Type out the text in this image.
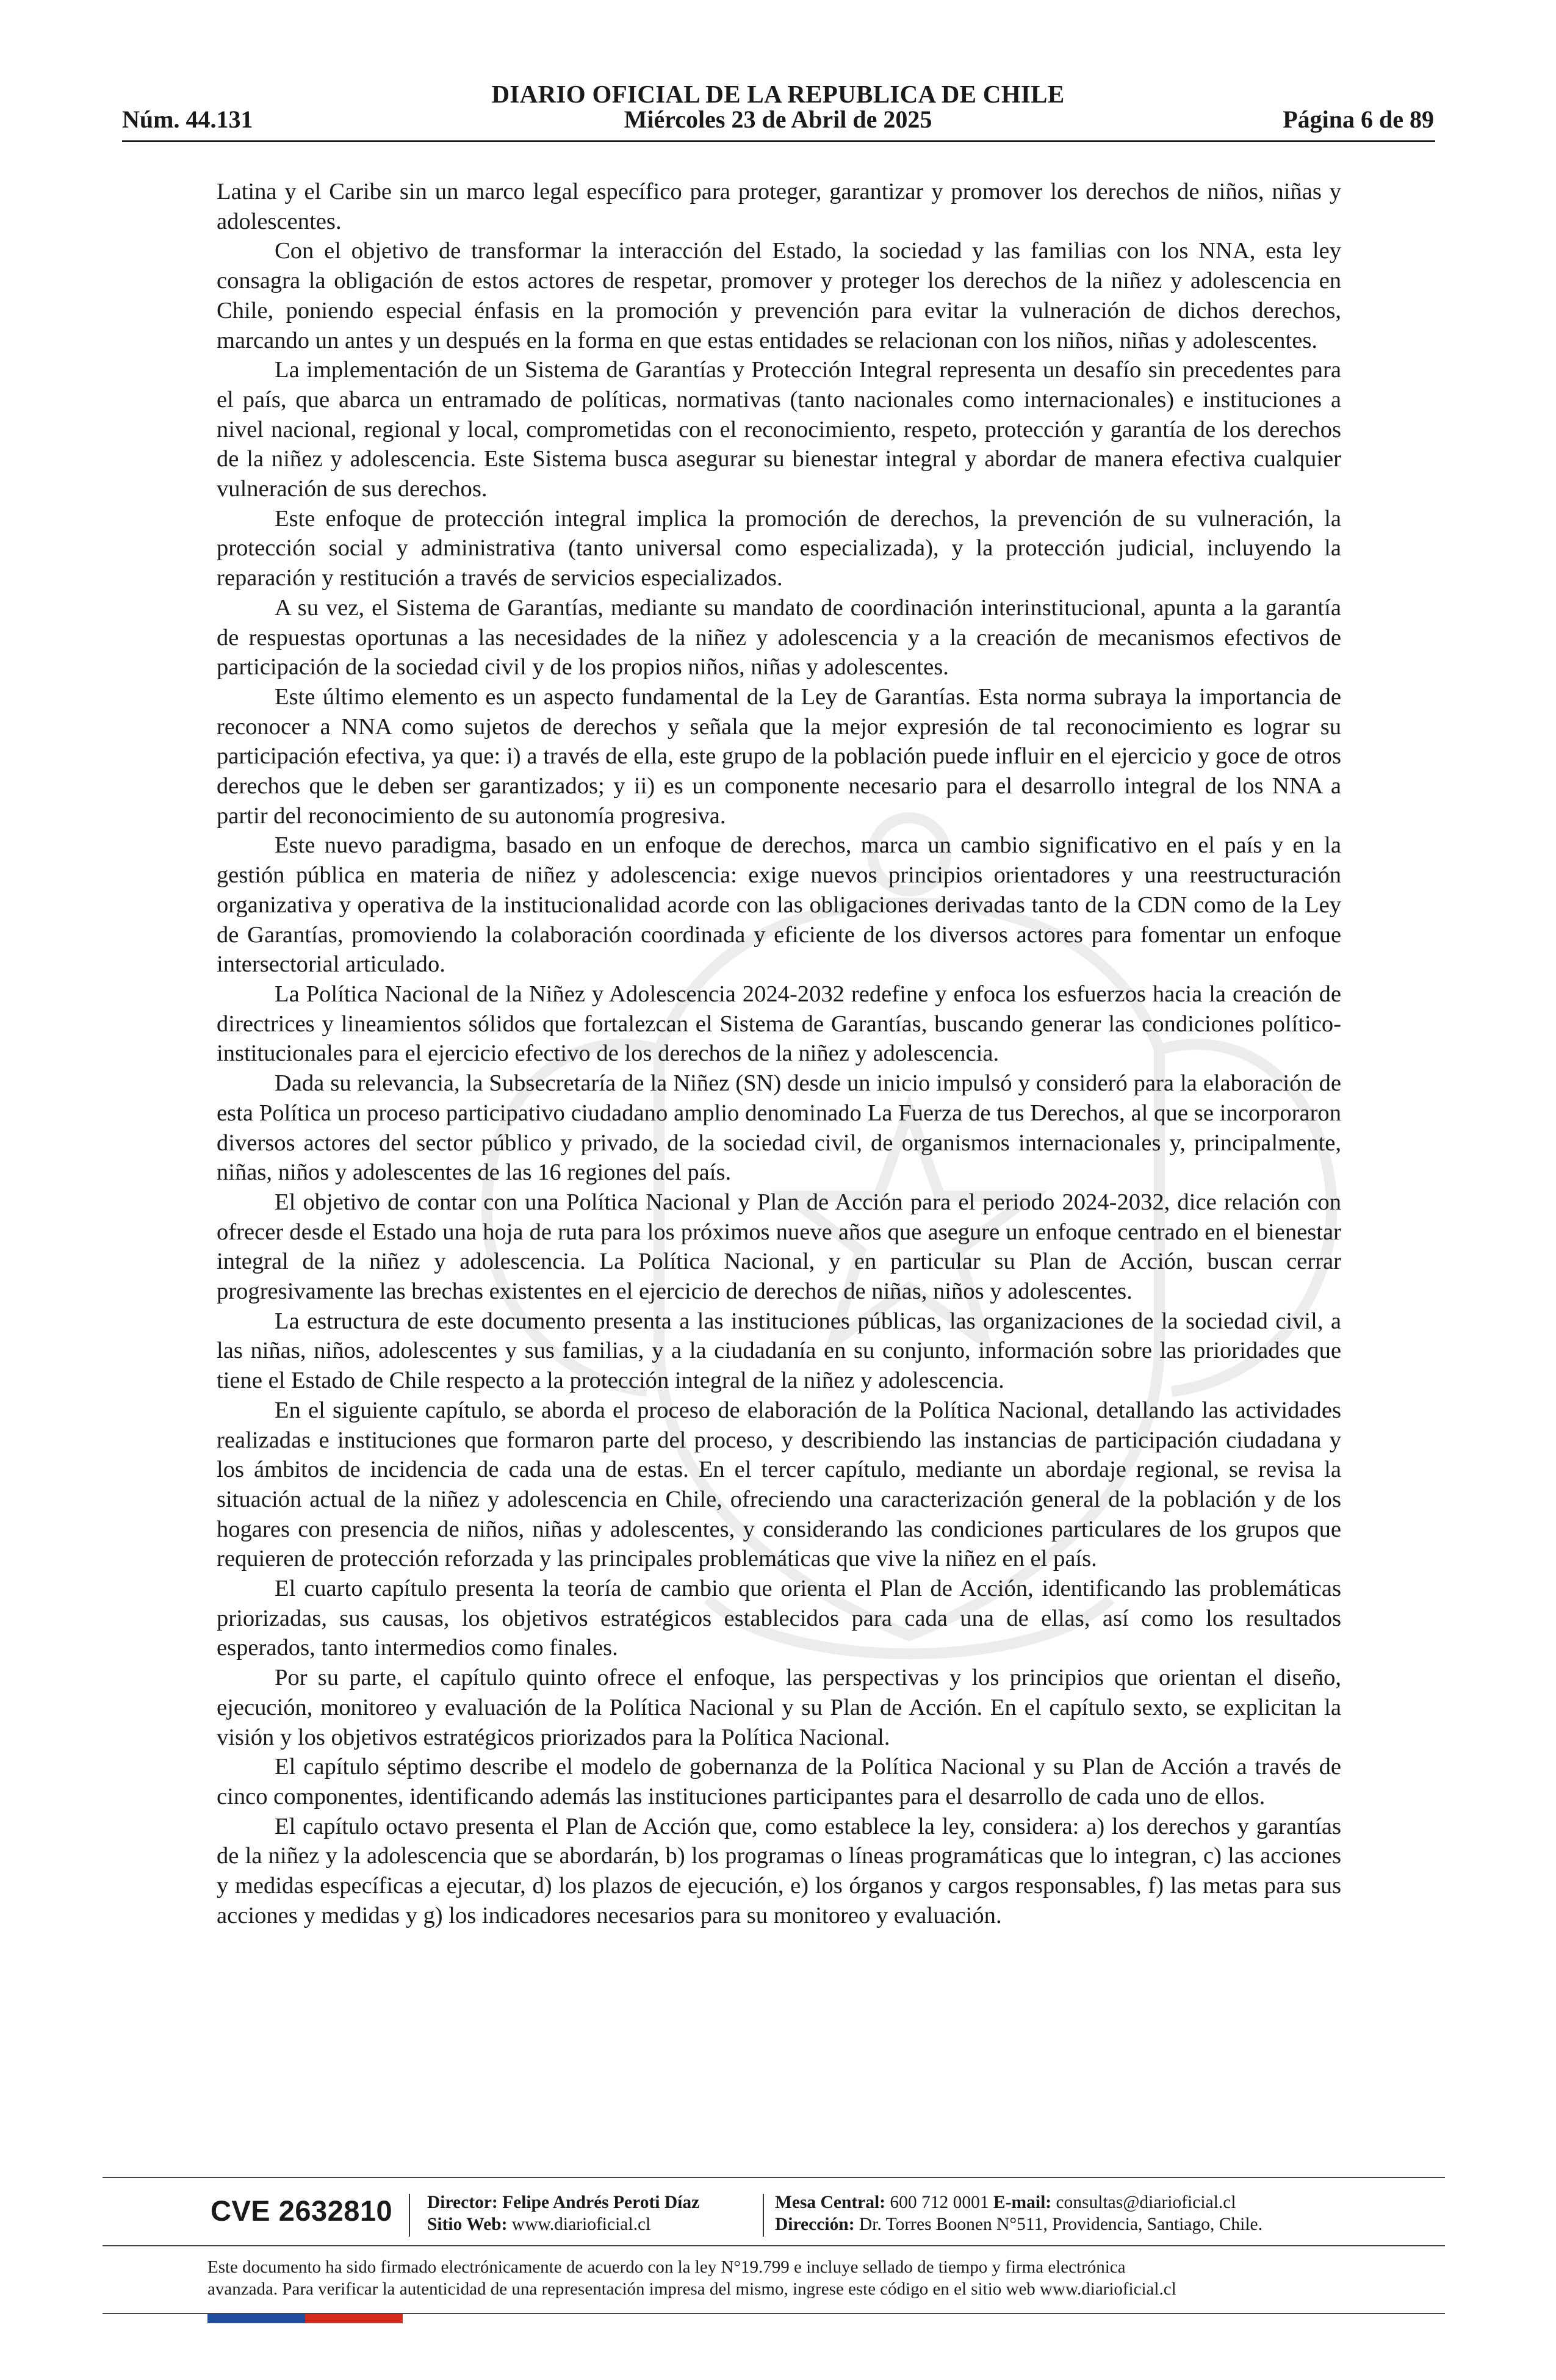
DIARIO OFICIAL DE LA REPUBLICA DE CHILE
Núm. 44.131	Miércoles 23 de Abril de 2025	Página 6 de 89

Latina y el Caribe sin un marco legal específico para proteger, garantizar y promover los derechos de niños, niñas y adolescentes.

Con el objetivo de transformar la interacción del Estado, la sociedad y las familias con los NNA, esta ley consagra la obligación de estos actores de respetar, promover y proteger los derechos de la niñez y adolescencia en Chile, poniendo especial énfasis en la promoción y prevención para evitar la vulneración de dichos derechos, marcando un antes y un después en la forma en que estas entidades se relacionan con los niños, niñas y adolescentes.

La implementación de un Sistema de Garantías y Protección Integral representa un desafío sin precedentes para el país, que abarca un entramado de políticas, normativas (tanto nacionales como internacionales) e instituciones a nivel nacional, regional y local, comprometidas con el reconocimiento, respeto, protección y garantía de los derechos de la niñez y adolescencia. Este Sistema busca asegurar su bienestar integral y abordar de manera efectiva cualquier vulneración de sus derechos.

Este enfoque de protección integral implica la promoción de derechos, la prevención de su vulneración, la protección social y administrativa (tanto universal como especializada), y la protección judicial, incluyendo la reparación y restitución a través de servicios especializados.

A su vez, el Sistema de Garantías, mediante su mandato de coordinación interinstitucional, apunta a la garantía de respuestas oportunas a las necesidades de la niñez y adolescencia y a la creación de mecanismos efectivos de participación de la sociedad civil y de los propios niños, niñas y adolescentes.

Este último elemento es un aspecto fundamental de la Ley de Garantías. Esta norma subraya la importancia de reconocer a NNA como sujetos de derechos y señala que la mejor expresión de tal reconocimiento es lograr su participación efectiva, ya que: i) a través de ella, este grupo de la población puede influir en el ejercicio y goce de otros derechos que le deben ser garantizados; y ii) es un componente necesario para el desarrollo integral de los NNA a partir del reconocimiento de su autonomía progresiva.

Este nuevo paradigma, basado en un enfoque de derechos, marca un cambio significativo en el país y en la gestión pública en materia de niñez y adolescencia: exige nuevos principios orientadores y una reestructuración organizativa y operativa de la institucionalidad acorde con las obligaciones derivadas tanto de la CDN como de la Ley de Garantías, promoviendo la colaboración coordinada y eficiente de los diversos actores para fomentar un enfoque intersectorial articulado.

La Política Nacional de la Niñez y Adolescencia 2024-2032 redefine y enfoca los esfuerzos hacia la creación de directrices y lineamientos sólidos que fortalezcan el Sistema de Garantías, buscando generar las condiciones político-institucionales para el ejercicio efectivo de los derechos de la niñez y adolescencia.

Dada su relevancia, la Subsecretaría de la Niñez (SN) desde un inicio impulsó y consideró para la elaboración de esta Política un proceso participativo ciudadano amplio denominado La Fuerza de tus Derechos, al que se incorporaron diversos actores del sector público y privado, de la sociedad civil, de organismos internacionales y, principalmente, niñas, niños y adolescentes de las 16 regiones del país.

El objetivo de contar con una Política Nacional y Plan de Acción para el periodo 2024-2032, dice relación con ofrecer desde el Estado una hoja de ruta para los próximos nueve años que asegure un enfoque centrado en el bienestar integral de la niñez y adolescencia. La Política Nacional, y en particular su Plan de Acción, buscan cerrar progresivamente las brechas existentes en el ejercicio de derechos de niñas, niños y adolescentes.

La estructura de este documento presenta a las instituciones públicas, las organizaciones de la sociedad civil, a las niñas, niños, adolescentes y sus familias, y a la ciudadanía en su conjunto, información sobre las prioridades que tiene el Estado de Chile respecto a la protección integral de la niñez y adolescencia.

En el siguiente capítulo, se aborda el proceso de elaboración de la Política Nacional, detallando las actividades realizadas e instituciones que formaron parte del proceso, y describiendo las instancias de participación ciudadana y los ámbitos de incidencia de cada una de estas. En el tercer capítulo, mediante un abordaje regional, se revisa la situación actual de la niñez y adolescencia en Chile, ofreciendo una caracterización general de la población y de los hogares con presencia de niños, niñas y adolescentes, y considerando las condiciones particulares de los grupos que requieren de protección reforzada y las principales problemáticas que vive la niñez en el país.

El cuarto capítulo presenta la teoría de cambio que orienta el Plan de Acción, identificando las problemáticas priorizadas, sus causas, los objetivos estratégicos establecidos para cada una de ellas, así como los resultados esperados, tanto intermedios como finales.

Por su parte, el capítulo quinto ofrece el enfoque, las perspectivas y los principios que orientan el diseño, ejecución, monitoreo y evaluación de la Política Nacional y su Plan de Acción. En el capítulo sexto, se explicitan la visión y los objetivos estratégicos priorizados para la Política Nacional.

El capítulo séptimo describe el modelo de gobernanza de la Política Nacional y su Plan de Acción a través de cinco componentes, identificando además las instituciones participantes para el desarrollo de cada uno de ellos.

El capítulo octavo presenta el Plan de Acción que, como establece la ley, considera: a) los derechos y garantías de la niñez y la adolescencia que se abordarán, b) los programas o líneas programáticas que lo integran, c) las acciones y medidas específicas a ejecutar, d) los plazos de ejecución, e) los órganos y cargos responsables, f) las metas para sus acciones y medidas y g) los indicadores necesarios para su monitoreo y evaluación.

CVE 2632810 Director: Felipe Andrés Peroti Díaz
Sitio Web: www.diarioficial.cl
Mesa Central: 600 712 0001 E-mail: consultas@diarioficial.cl
Dirección: Dr. Torres Boonen N°511, Providencia, Santiago, Chile.
Este documento ha sido firmado electrónicamente de acuerdo con la ley N°19.799 e incluye sellado de tiempo y firma electrónica
avanzada. Para verificar la autenticidad de una representación impresa del mismo, ingrese este código en el sitio web www.diarioficial.cl
